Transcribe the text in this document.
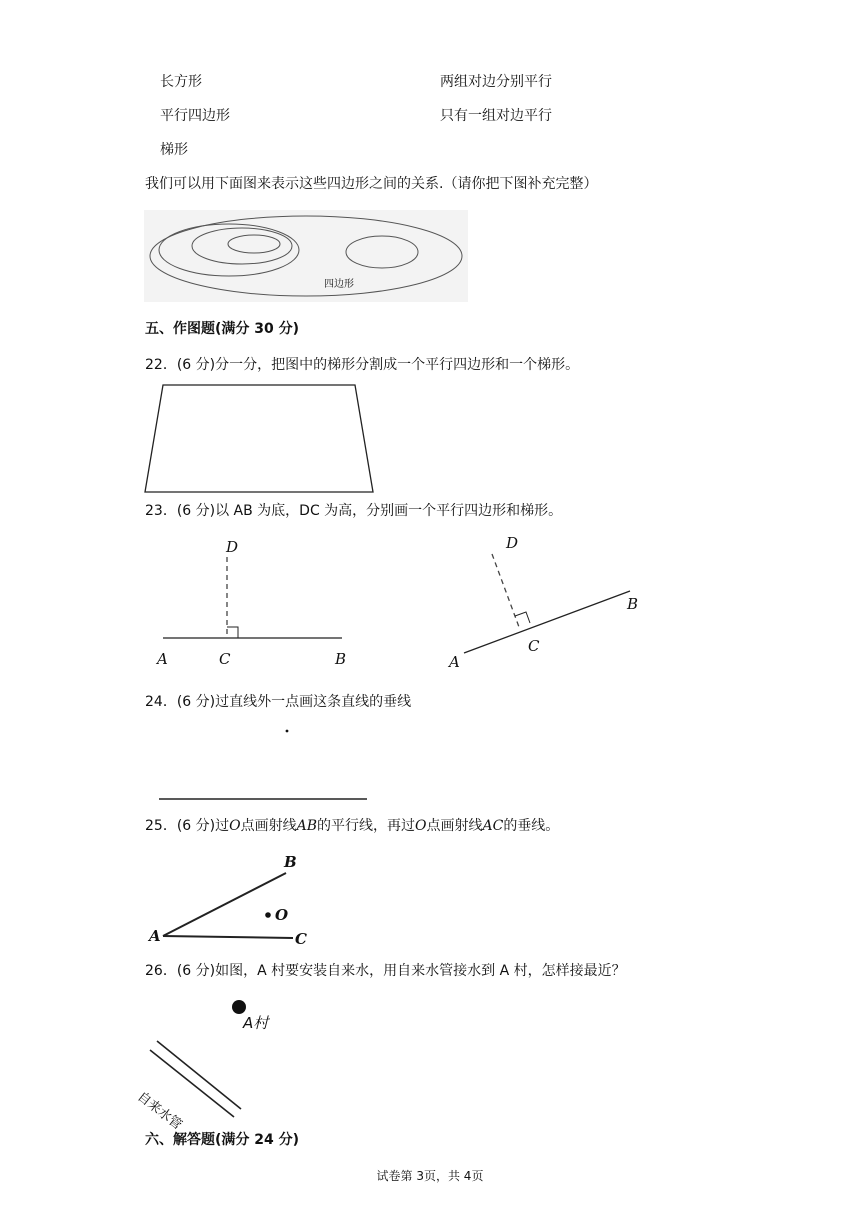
长方形	两组对边分别平行
平行四边形	只有一组对边平行
梯形
我们可以用下面图来表示这些四边形之间的关系.（请你把下图补充完整）
四边形
五、作图题(满分 30 分)
22．(6 分)分一分，把图中的梯形分割成一个平行四边形和一个梯形。
23．(6 分)以 AB 为底，DC 为高，分别画一个平行四边形和梯形。
D
A	C	B
D
B
C
A
24．(6 分)过直线外一点画这条直线的垂线
25．(6 分)过O点画射线AB的平行线，再过O点画射线AC的垂线。
B
O
A	C
26．(6 分)如图，A 村要安装自来水，用自来水管接水到 A 村，怎样接最近？
A村
自来水管
六、解答题(满分 24 分)
试卷第 3页，共 4页
